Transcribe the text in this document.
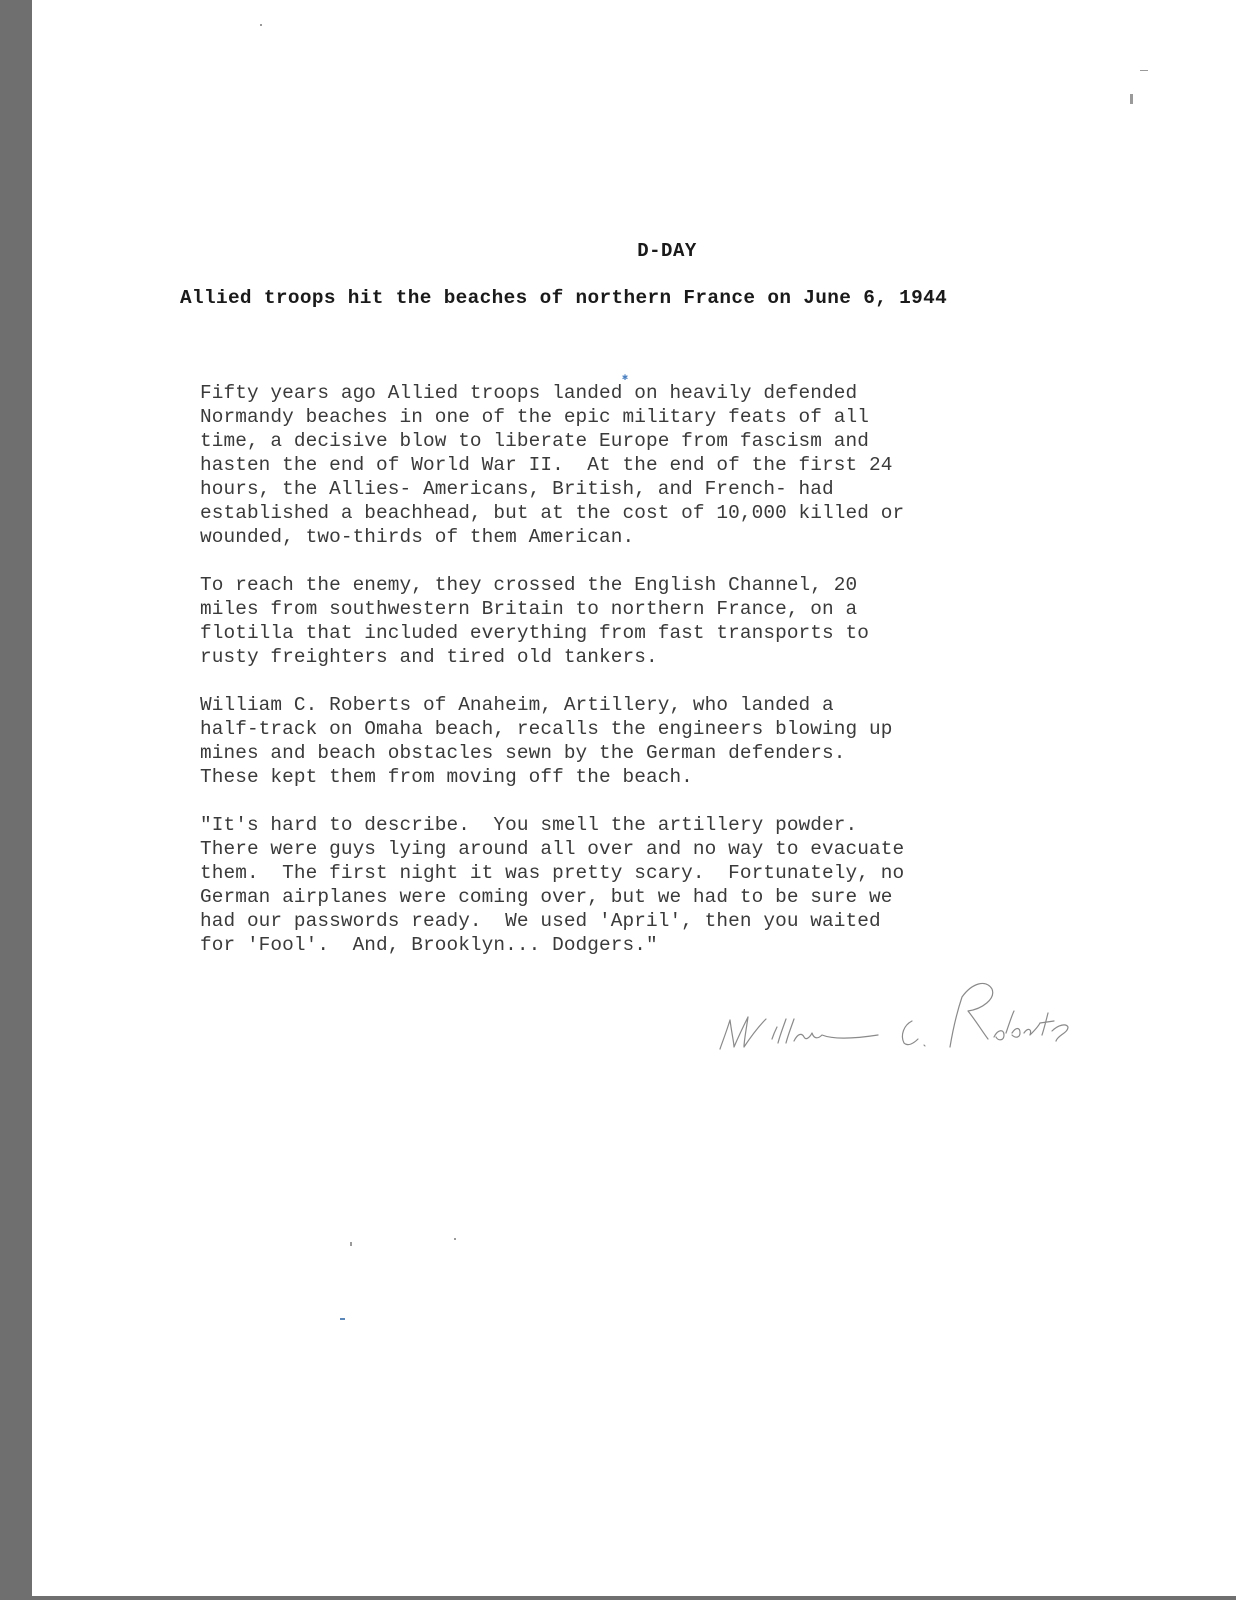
D-DAY
Allied troops hit the beaches of northern France on June 6, 1944
✱
Fifty years ago Allied troops landed on heavily defended
Normandy beaches in one of the epic military feats of all
time, a decisive blow to liberate Europe from fascism and
hasten the end of World War II.  At the end of the first 24
hours, the Allies- Americans, British, and French- had
established a beachhead, but at the cost of 10,000 killed or
wounded, two-thirds of them American.
To reach the enemy, they crossed the English Channel, 20
miles from southwestern Britain to northern France, on a
flotilla that included everything from fast transports to
rusty freighters and tired old tankers.
William C. Roberts of Anaheim, Artillery, who landed a
half-track on Omaha beach, recalls the engineers blowing up
mines and beach obstacles sewn by the German defenders.
These kept them from moving off the beach.
"It's hard to describe.  You smell the artillery powder.
There were guys lying around all over and no way to evacuate
them.  The first night it was pretty scary.  Fortunately, no
German airplanes were coming over, but we had to be sure we
had our passwords ready.  We used 'April', then you waited
for 'Fool'.  And, Brooklyn... Dodgers."
